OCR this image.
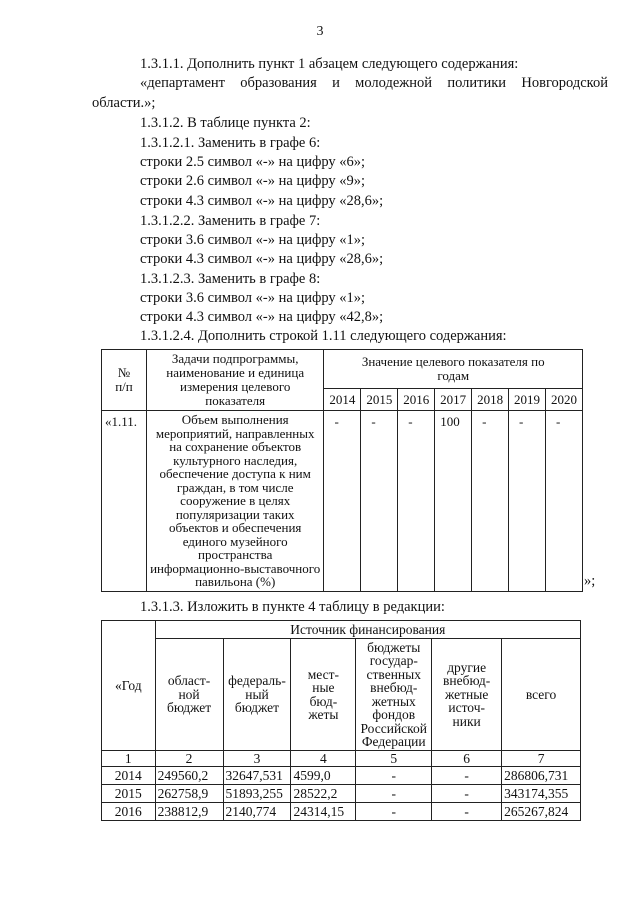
3
1.3.1.1. Дополнить пункт 1 абзацем следующего содержания:
«департамент образования и молодежной политики Новгородской
области.»;
1.3.1.2. В таблице пункта 2:
1.3.1.2.1. Заменить в графе 6:
строки 2.5 символ «-» на цифру «6»;
строки 2.6 символ «-» на цифру «9»;
строки 4.3 символ «-» на цифру «28,6»;
1.3.1.2.2. Заменить в графе 7:
строки 3.6 символ «-» на цифру «1»;
строки 4.3 символ «-» на цифру «28,6»;
1.3.1.2.3. Заменить в графе 8:
строки 3.6 символ «-» на цифру «1»;
строки 4.3 символ «-» на цифру «42,8»;
1.3.1.2.4. Дополнить строкой 1.11 следующего содержания:
№ п/п	Задачи подпрограммы, наименование и единица измерения целевого показателя	Значение целевого показателя по годам						
		2014	2015	2016	2017	2018	2019	2020
«1.11.	Объем выполнения мероприятий, направленных на сохранение объектов культурного наследия, обеспечение доступа к ним граждан, в том числе сооружение в целях популяризации таких объектов и обеспечения единого музейного пространства информационно-выставочного павильона (%)	-	-	-	100	-	-	-
»;
1.3.1.3. Изложить в пункте 4 таблицу в редакции:
«Год	Источник финансирования					
	област-ной бюджет	федераль-ный бюджет	мест-ные бюд-жеты	бюджеты государ-ственных внебюд-жетных фондов Российской Федерации	другие внебюд-жетные источ-ники	всего
1	2	3	4	5	6	7
2014	249560,2	32647,531	4599,0	-	-	286806,731
2015	262758,9	51893,255	28522,2	-	-	343174,355
2016	238812,9	2140,774	24314,15	-	-	265267,824
